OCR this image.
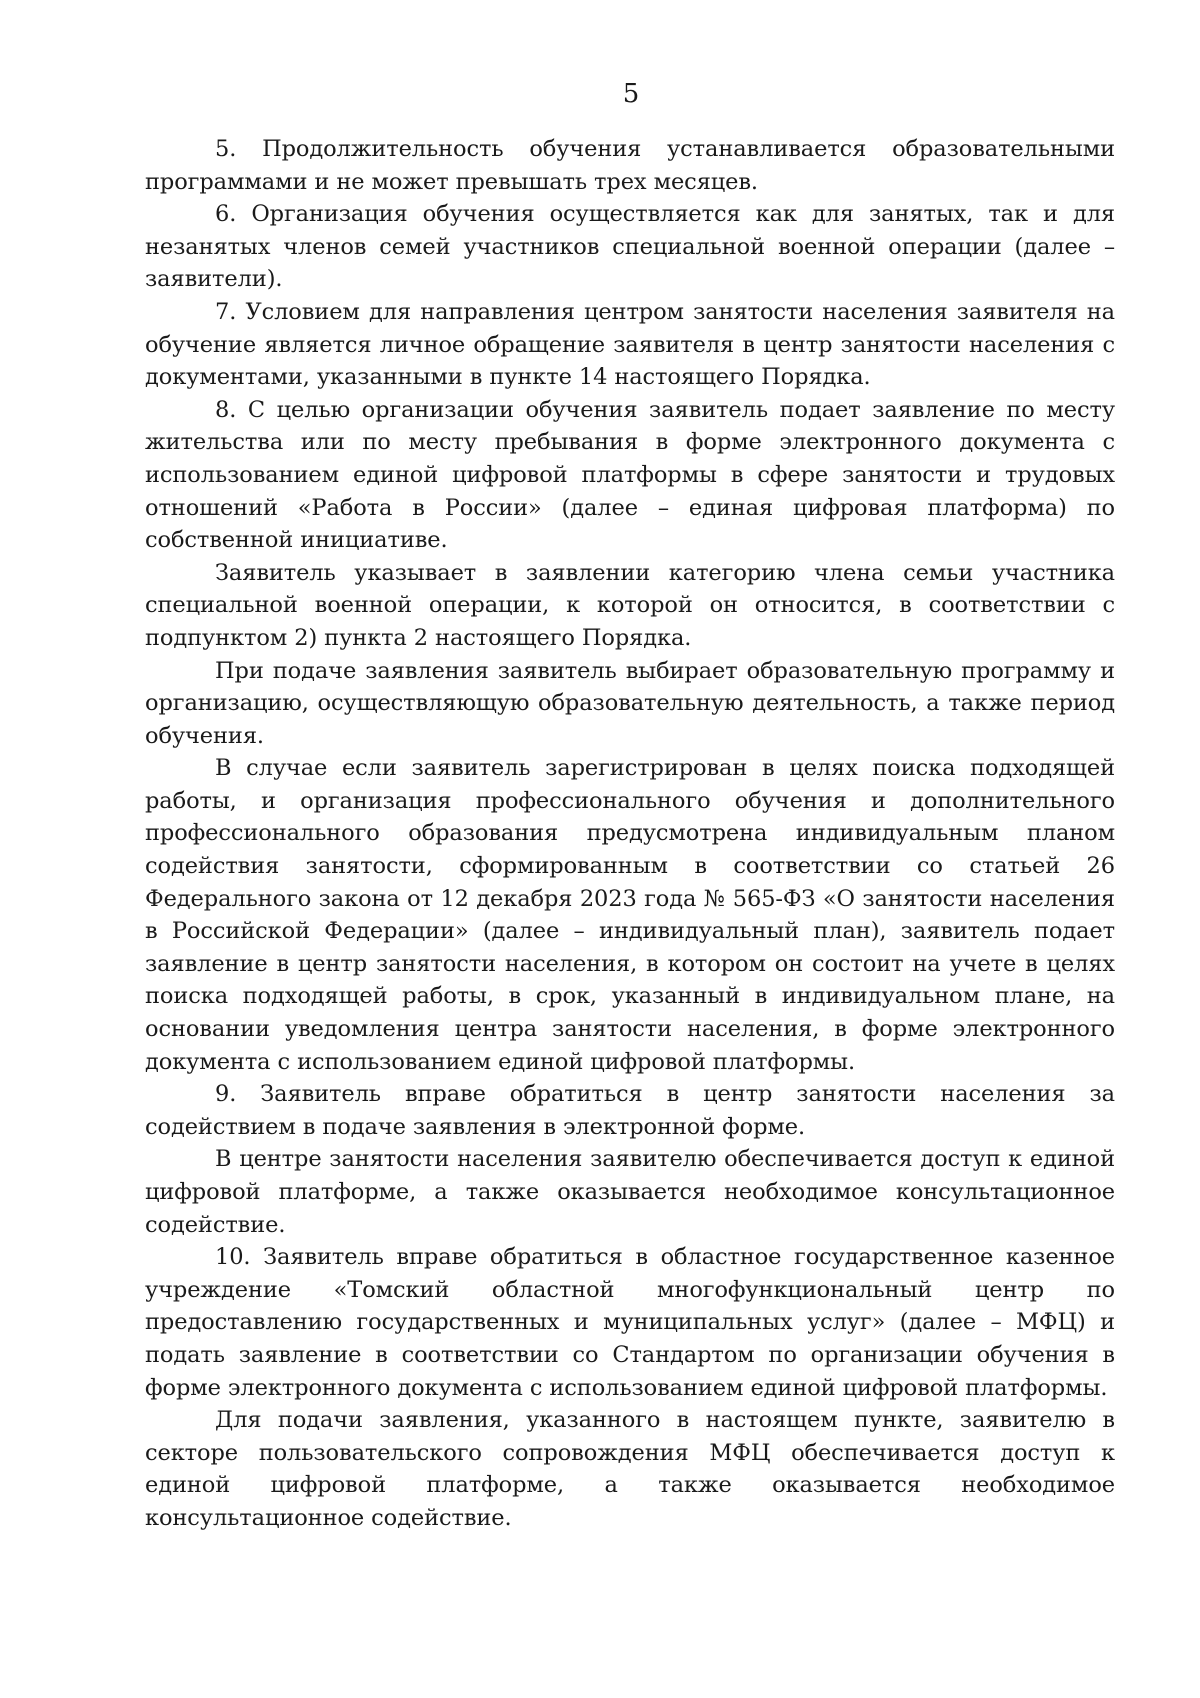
5

5. Продолжительность обучения устанавливается образовательными программами и не может превышать трех месяцев.

6. Организация обучения осуществляется как для занятых, так и для незанятых членов семей участников специальной военной операции (далее – заявители).

7. Условием для направления центром занятости населения заявителя на обучение является личное обращение заявителя в центр занятости населения с документами, указанными в пункте 14 настоящего Порядка.

8. С целью организации обучения заявитель подает заявление по месту жительства или по месту пребывания в форме электронного документа с использованием единой цифровой платформы в сфере занятости и трудовых отношений «Работа в России» (далее – единая цифровая платформа) по собственной инициативе.

Заявитель указывает в заявлении категорию члена семьи участника специальной военной операции, к которой он относится, в соответствии с подпунктом 2) пункта 2 настоящего Порядка.

При подаче заявления заявитель выбирает образовательную программу и организацию, осуществляющую образовательную деятельность, а также период обучения.

В случае если заявитель зарегистрирован в целях поиска подходящей работы, и организация профессионального обучения и дополнительного профессионального образования предусмотрена индивидуальным планом содействия занятости, сформированным в соответствии со статьей 26 Федерального закона от 12 декабря 2023 года № 565-ФЗ «О занятости населения в Российской Федерации» (далее – индивидуальный план), заявитель подает заявление в центр занятости населения, в котором он состоит на учете в целях поиска подходящей работы, в срок, указанный в индивидуальном плане, на основании уведомления центра занятости населения, в форме электронного документа с использованием единой цифровой платформы.

9. Заявитель вправе обратиться в центр занятости населения за содействием в подаче заявления в электронной форме.

В центре занятости населения заявителю обеспечивается доступ к единой цифровой платформе, а также оказывается необходимое консультационное содействие.

10. Заявитель вправе обратиться в областное государственное казенное учреждение «Томский областной многофункциональный центр по предоставлению государственных и муниципальных услуг» (далее – МФЦ) и подать заявление в соответствии со Стандартом по организации обучения в форме электронного документа с использованием единой цифровой платформы.

Для подачи заявления, указанного в настоящем пункте, заявителю в секторе пользовательского сопровождения МФЦ обеспечивается доступ к единой цифровой платформе, а также оказывается необходимое консультационное содействие.
